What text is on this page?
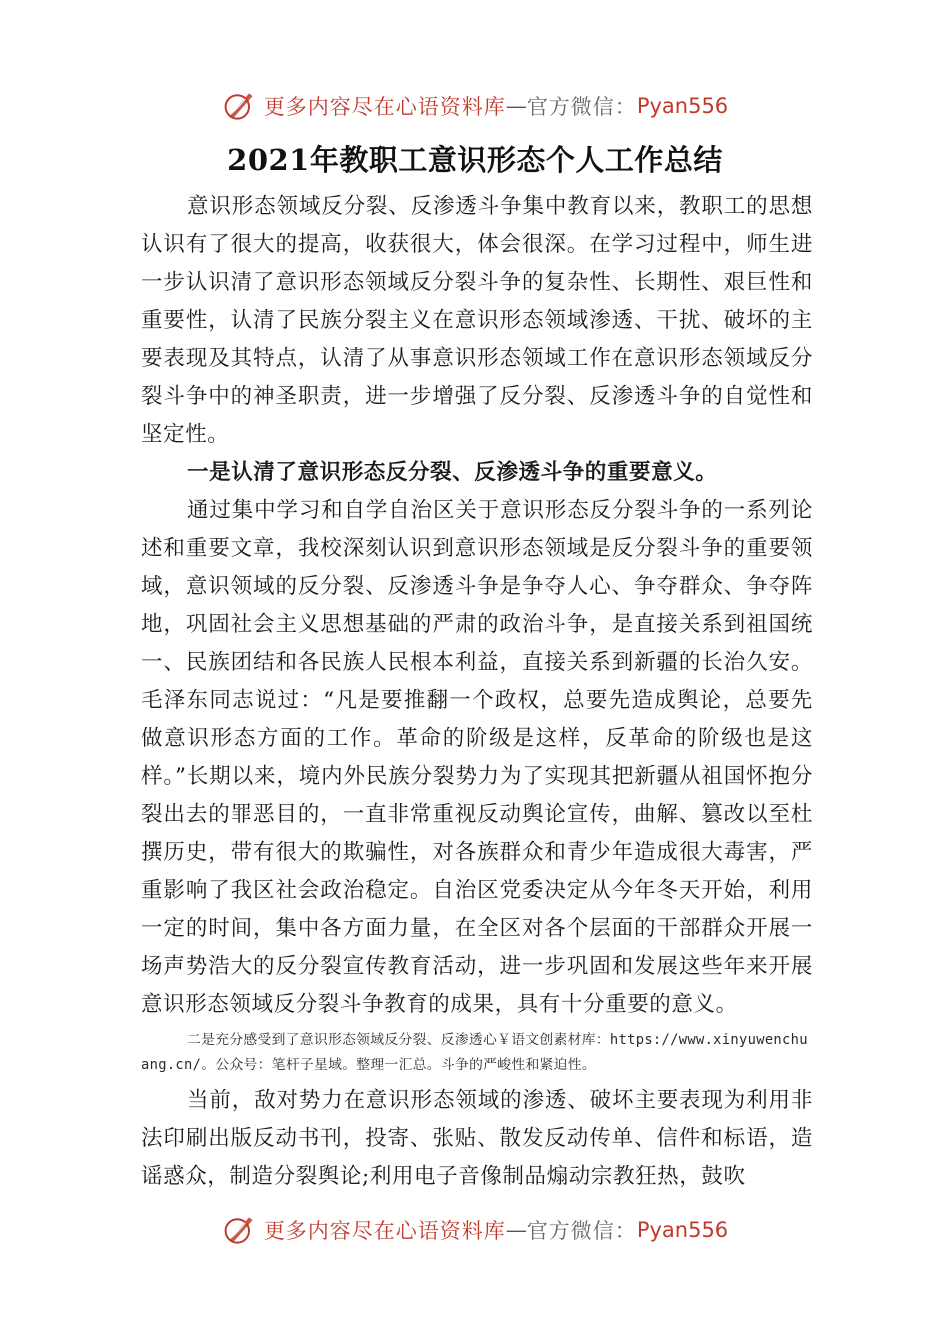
更多内容尽在心语资料库 — 官方微信： Pyan556
2021年教职工意识形态个人工作总结

意识形态领域反分裂、反渗透斗争集中教育以来，教职工的思想认识有了很大的提高，收获很大，体会很深。在学习过程中，师生进一步认识清了意识形态领域反分裂斗争的复杂性、长期性、艰巨性和重要性，认清了民族分裂主义在意识形态领域渗透、干扰、破坏的主要表现及其特点，认清了从事意识形态领域工作在意识形态领域反分裂斗争中的神圣职责，进一步增强了反分裂、反渗透斗争的自觉性和坚定性。

一是认清了意识形态反分裂、反渗透斗争的重要意义。

通过集中学习和自学自治区关于意识形态反分裂斗争的一系列论述和重要文章，我校深刻认识到意识形态领域是反分裂斗争的重要领域，意识领域的反分裂、反渗透斗争是争夺人心、争夺群众、争夺阵地，巩固社会主义思想基础的严肃的政治斗争，是直接关系到祖国统一、民族团结和各民族人民根本利益，直接关系到新疆的长治久安。毛泽东同志说过：“凡是要推翻一个政权，总要先造成舆论，总要先做意识形态方面的工作。革命的阶级是这样，反革命的阶级也是这样。”长期以来，境内外民族分裂势力为了实现其把新疆从祖国怀抱分裂出去的罪恶目的，一直非常重视反动舆论宣传，曲解、篡改以至杜撰历史，带有很大的欺骗性，对各族群众和青少年造成很大毒害，严重影响了我区社会政治稳定。自治区党委决定从今年冬天开始，利用一定的时间，集中各方面力量，在全区对各个层面的干部群众开展一场声势浩大的反分裂宣传教育活动，进一步巩固和发展这些年来开展意识形态领域反分裂斗争教育的成果，具有十分重要的意义。

二是充分感受到了意识形态领域反分裂、反渗透心￥语文创素材库：https://www.xinyuwenchuang.cn/。公众号：笔杆子星域。整理一汇总。斗争的严峻性和紧迫性。

当前，敌对势力在意识形态领域的渗透、破坏主要表现为利用非法印刷出版反动书刊，投寄、张贴、散发反动传单、信件和标语，造谣惑众，制造分裂舆论;利用电子音像制品煽动宗教狂热，鼓吹

更多内容尽在心语资料库 — 官方微信： Pyan556
